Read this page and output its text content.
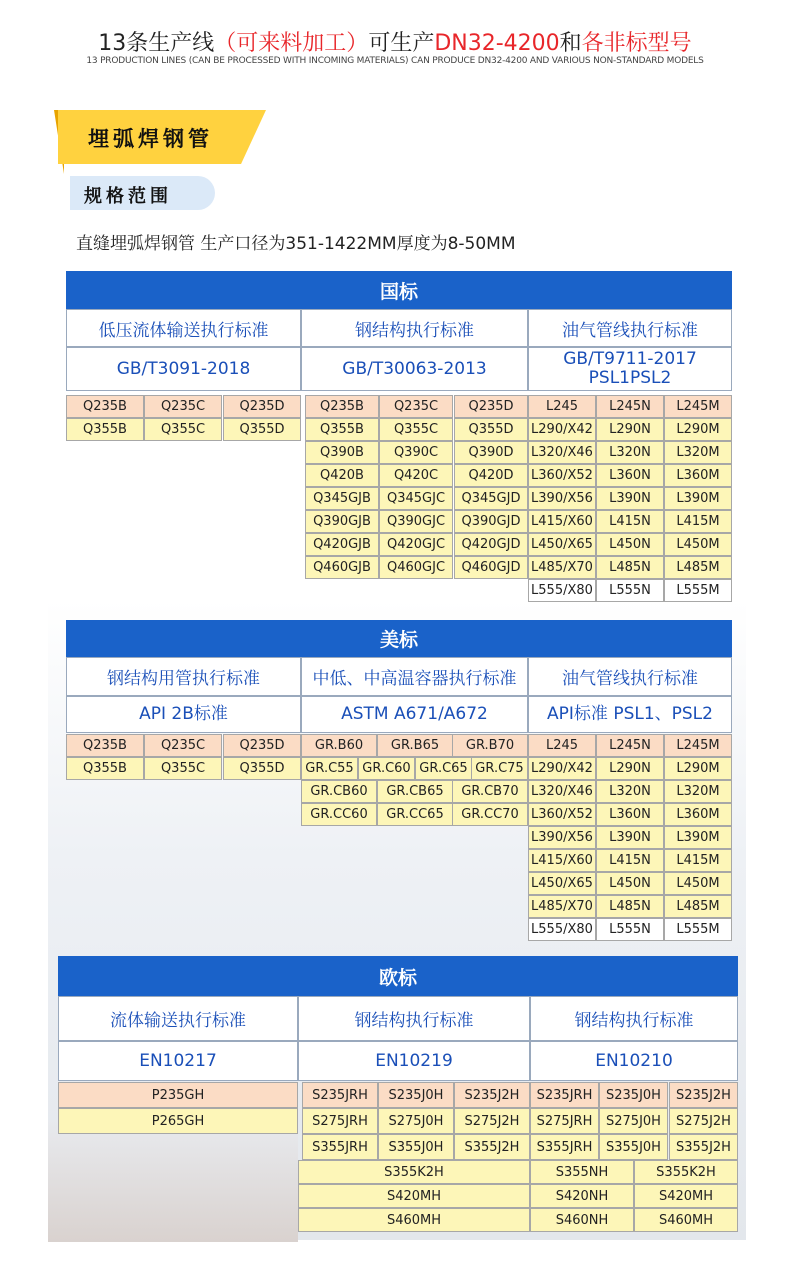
13条生产线（可来料加工）可生产DN32-4200和各非标型号
13 PRODUCTION LINES (CAN BE PROCESSED WITH INCOMING MATERIALS) CAN PRODUCE DN32-4200 AND VARIOUS NON-STANDARD MODELS
埋弧焊钢管
规格范围
直缝埋弧焊钢管 生产口径为351-1422MM厚度为8-50MM
国标
低压流体输送执行标准	钢结构执行标准	油气管线执行标准
GB/T3091-2018	GB/T30063-2013	GB/T9711-2017
PSL1PSL2
Q235B	Q235C	Q235D
Q355B	Q355C	Q355D
Q235B	Q235C	Q235D
Q355B	Q355C	Q355D
Q390B	Q390C	Q390D
Q420B	Q420C	Q420D
Q345GJB	Q345GJC	Q345GJD
Q390GJB	Q390GJC	Q390GJD
Q420GJB	Q420GJC	Q420GJD
Q460GJB	Q460GJC	Q460GJD
L245	L245N	L245M
L290/X42	L290N	L290M
L320/X46	L320N	L320M
L360/X52	L360N	L360M
L390/X56	L390N	L390M
L415/X60	L415N	L415M
L450/X65	L450N	L450M
L485/X70	L485N	L485M
L555/X80	L555N	L555M
美标
钢结构用管执行标准	中低、中高温容器执行标准	油气管线执行标准
API 2B标准	ASTM A671/A672	API标准 PSL1、PSL2
Q235B	Q235C	Q235D
Q355B	Q355C	Q355D
GR.B60	GR.B65	GR.B70
GR.C55 GR.C60 GR.C65 GR.C75
GR.CB60	GR.CB65	GR.CB70
GR.CC60	GR.CC65	GR.CC70
L245	L245N	L245M
L290/X42	L290N	L290M
L320/X46	L320N	L320M
L360/X52	L360N	L360M
L390/X56	L390N	L390M
L415/X60	L415N	L415M
L450/X65	L450N	L450M
L485/X70	L485N	L485M
L555/X80	L555N	L555M
欧标
流体输送执行标准	钢结构执行标准	钢结构执行标准
EN10217	EN10219	EN10210
P235GH
P265GH
S235JRH	S235J0H	S235J2H
S275JRH	S275J0H	S275J2H
S355JRH	S355J0H	S355J2H
S235JRH	S235J0H	S235J2H
S275JRH	S275J0H	S275J2H
S355JRH	S355J0H	S355J2H
S355K2H	S355NH	S355K2H
S420MH	S420NH	S420MH
S460MH	S460NH	S460MH
